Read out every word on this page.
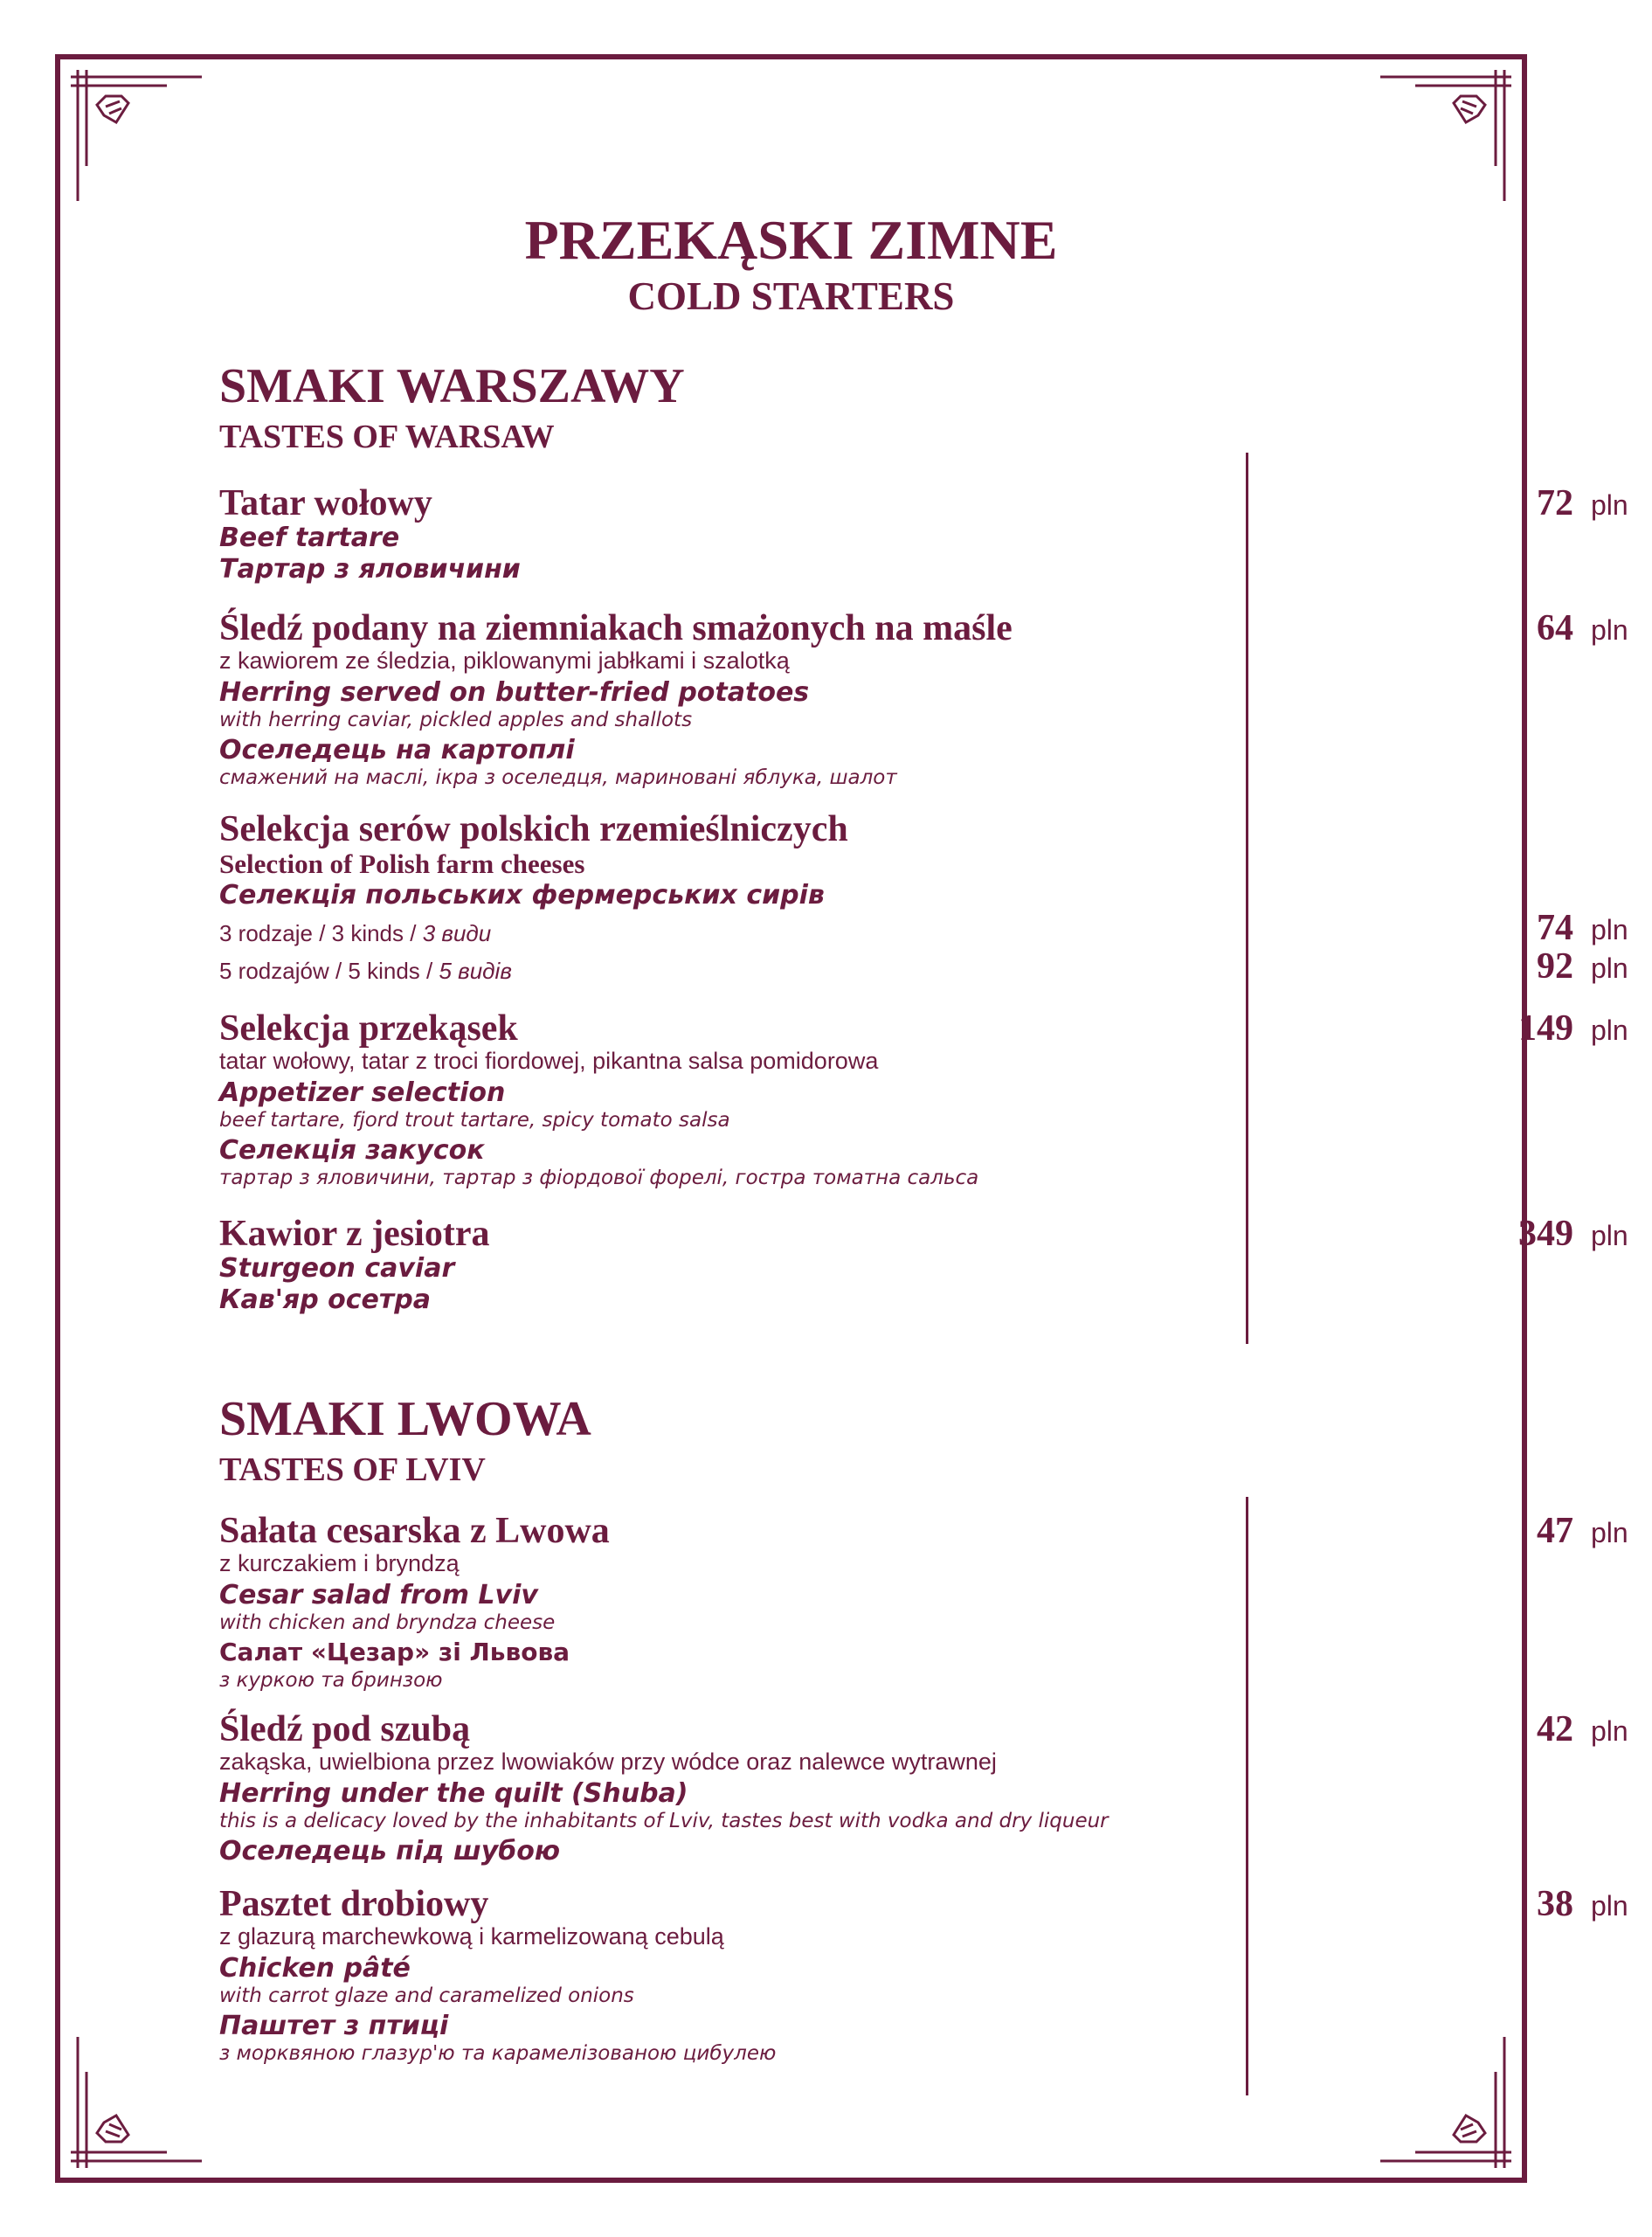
PRZEKĄSKI ZIMNE
COLD STARTERS
SMAKI WARSZAWY
TASTES OF WARSAW
Tatar wołowy
Beef tartare
Тартар з яловичини
72 pln
Śledź podany na ziemniakach smażonych na maśle
z kawiorem ze śledzia, piklowanymi jabłkami i szalotką
Herring served on butter-fried potatoes
with herring caviar, pickled apples and shallots
Оселедець на картоплі
смажений на маслі, ікра з оселедця, мариновані яблука, шалот
64 pln
Selekcja serów polskich rzemieślniczych
Selection of Polish farm cheeses
Селекція польських фермерських сирів
3 rodzaje / 3 kinds / 3 види
5 rodzajów / 5 kinds / 5 видів
74 pln
92 pln
Selekcja przekąsek
tatar wołowy, tatar z troci fiordowej, pikantna salsa pomidorowa
Appetizer selection
beef tartare, fjord trout tartare, spicy tomato salsa
Селекція закусок
тартар з яловичини, тартар з фіордової форелі, гостра томатна сальса
149 pln
Kawior z jesiotra
Sturgeon caviar
Кав'яр осетра
349 pln
SMAKI LWOWA
TASTES OF LVIV
Sałata cesarska z Lwowa
z kurczakiem i bryndzą
Cesar salad from Lviv
with chicken and bryndza cheese
Салат «Цезар» зі Львова
з куркою та бринзою
47 pln
Śledź pod szubą
zakąska, uwielbiona przez lwowiaków przy wódce oraz nalewce wytrawnej
Herring under the quilt (Shuba)
this is a delicacy loved by the inhabitants of Lviv, tastes best with vodka and dry liqueur
Оселедець під шубою
42 pln
Pasztet drobiowy
z glazurą marchewkową i karmelizowaną cebulą
Chicken pâté
with carrot glaze and caramelized onions
Паштет з птиці
з морквяною глазур'ю та карамелізованою цибулею
38 pln
